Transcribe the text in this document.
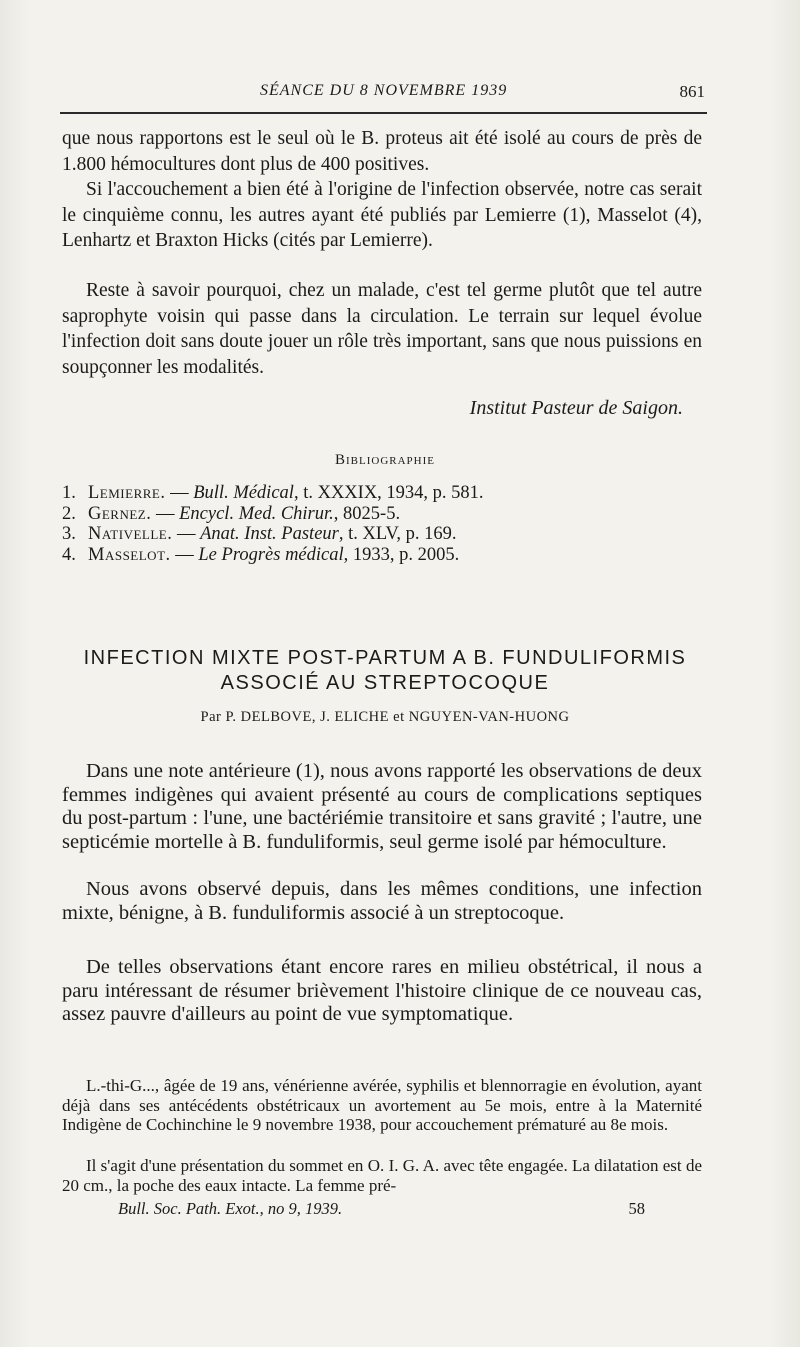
SÉANCE DU 8 NOVEMBRE 1939	861

que nous rapportons est le seul où le B. proteus ait été isolé au cours de près de 1.800 hémocultures dont plus de 400 positives.

Si l'accouchement a bien été à l'origine de l'infection observée, notre cas serait le cinquième connu, les autres ayant été publiés par Lemierre (1), Masselot (4), Lenhartz et Braxton Hicks (cités par Lemierre).

Reste à savoir pourquoi, chez un malade, c'est tel germe plutôt que tel autre saprophyte voisin qui passe dans la circulation. Le terrain sur lequel évolue l'infection doit sans doute jouer un rôle très important, sans que nous puissions en soupçonner les modalités.

Institut Pasteur de Saigon.
Bibliographie
1. Lemierre. — Bull. Médical, t. XXXIX, 1934, p. 581.
2. Gernez. — Encycl. Med. Chirur., 8025-5.
3. Nativelle. — Anat. Inst. Pasteur, t. XLV, p. 169.
4. Masselot. — Le Progrès médical, 1933, p. 2005.
INFECTION MIXTE POST-PARTUM A B. FUNDULIFORMIS
ASSOCIÉ AU STREPTOCOQUE
Par P. DELBOVE, J. ELICHE et NGUYEN-VAN-HUONG

Dans une note antérieure (1), nous avons rapporté les observations de deux femmes indigènes qui avaient présenté au cours de complications septiques du post-partum : l'une, une bactériémie transitoire et sans gravité ; l'autre, une septicémie mortelle à B. funduliformis, seul germe isolé par hémoculture.

Nous avons observé depuis, dans les mêmes conditions, une infection mixte, bénigne, à B. funduliformis associé à un streptocoque.

De telles observations étant encore rares en milieu obstétrical, il nous a paru intéressant de résumer brièvement l'histoire clinique de ce nouveau cas, assez pauvre d'ailleurs au point de vue symptomatique.

L.-thi-G..., âgée de 19 ans, vénérienne avérée, syphilis et blennorragie en évolution, ayant déjà dans ses antécédents obstétricaux un avortement au 5e mois, entre à la Maternité Indigène de Cochinchine le 9 novembre 1938, pour accouchement prématuré au 8e mois.

Il s'agit d'une présentation du sommet en O. I. G. A. avec tête engagée. La dilatation est de 20 cm., la poche des eaux intacte. La femme pré-

Bull. Soc. Path. Exot., no 9, 1939.	58
